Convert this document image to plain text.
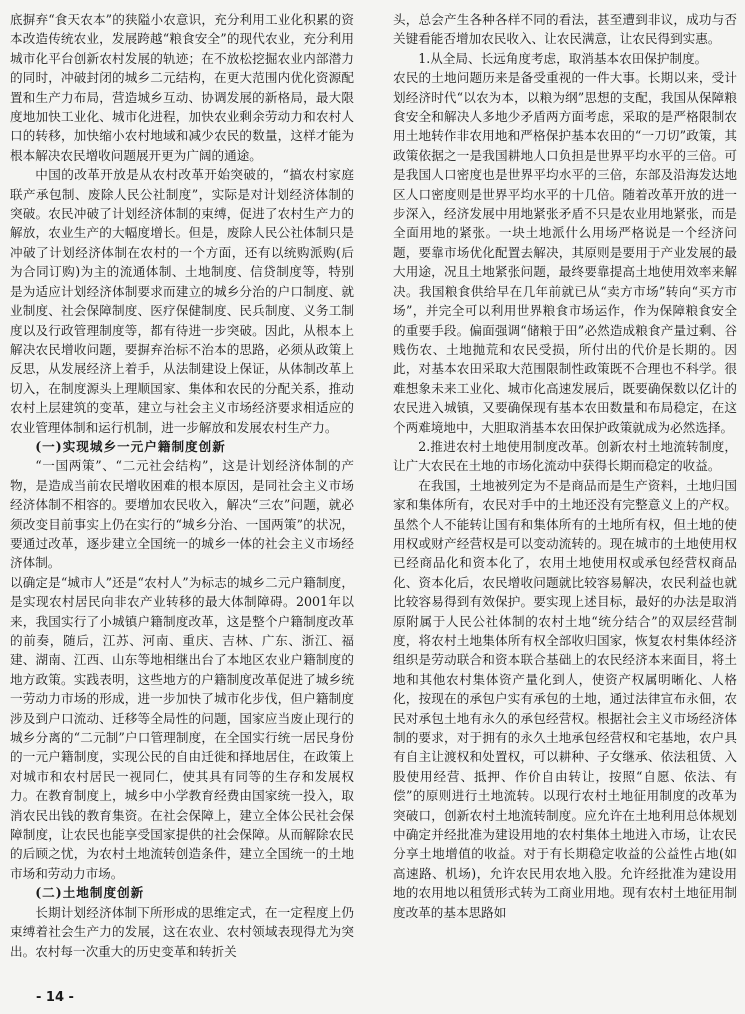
底摒弃“食天农本”的狭隘小农意识，充分利用工业化积累的资本改造传统农业，发展跨越“粮食安全”的现代农业，充分利用城市化平台创新农村发展的轨迹；在不放松挖掘农业内部潜力的同时，冲破封闭的城乡二元结构，在更大范围内优化资源配置和生产力布局，营造城乡互动、协调发展的新格局，最大限度地加快工业化、城市化进程，加快农业剩余劳动力和农村人口的转移，加快缩小农村地域和减少农民的数量，这样才能为根本解决农民增收问题展开更为广阔的通途。

中国的改革开放是从农村改革开始突破的，“搞农村家庭联产承包制、废除人民公社制度”，实际是对计划经济体制的突破。农民冲破了计划经济体制的束缚，促进了农村生产力的解放，农业生产的大幅度增长。但是，废除人民公社体制只是冲破了计划经济体制在农村的一个方面，还有以统购派购(后为合同订购)为主的流通体制、土地制度、信贷制度等，特别是为适应计划经济体制要求而建立的城乡分治的户口制度、就业制度、社会保障制度、医疗保健制度、民兵制度、义务工制度以及行政管理制度等，都有待进一步突破。因此，从根本上解决农民增收问题，要摒弃治标不治本的思路，必须从政策上反思，从发展经济上着手，从法制建设上保证，从体制改革上切入，在制度源头上理顺国家、集体和农民的分配关系，推动农村上层建筑的变革，建立与社会主义市场经济要求相适应的农业管理体制和运行机制，进一步解放和发展农村生产力。

(一)实现城乡一元户籍制度创新

“一国两策”、“二元社会结构”，这是计划经济体制的产物，是造成当前农民增收困难的根本原因，是同社会主义市场经济体制不相容的。要增加农民收入，解决“三农”问题，就必须改变目前事实上仍在实行的“城乡分治、一国两策”的状况，要通过改革，逐步建立全国统一的城乡一体的社会主义市场经济体制。

以确定是“城市人”还是“农村人”为标志的城乡二元户籍制度，是实现农村居民向非农产业转移的最大体制障碍。2001年以来，我国实行了小城镇户籍制度改革，这是整个户籍制度改革的前奏，随后，江苏、河南、重庆、吉林、广东、浙江、福建、湖南、江西、山东等地相继出台了本地区农业户籍制度的地方政策。实践表明，这些地方的户籍制度改革促进了城乡统一劳动力市场的形成，进一步加快了城市化步伐，但户籍制度涉及到户口流动、迁移等全局性的问题，国家应当废止现行的城乡分离的“二元制”户口管理制度，在全国实行统一居民身份的一元户籍制度，实现公民的自由迁徙和择地居住，在政策上对城市和农村居民一视同仁，使其具有同等的生存和发展权力。在教育制度上，城乡中小学教育经费由国家统一投入，取消农民出钱的教育集资。在社会保障上，建立全体公民社会保障制度，让农民也能享受国家提供的社会保障。从而解除农民的后顾之忧，为农村土地流转创造条件，建立全国统一的土地市场和劳动力市场。

(二)土地制度创新

长期计划经济体制下所形成的思维定式，在一定程度上仍束缚着社会生产力的发展，这在农业、农村领域表现得尤为突出。农村每一次重大的历史变革和转折关

头，总会产生各种各样不同的看法，甚至遭到非议，成功与否关键看能否增加农民收入、让农民满意，让农民得到实惠。

1.从全局、长远角度考虑，取消基本农田保护制度。

农民的土地问题历来是备受重视的一件大事。长期以来，受计划经济时代“以农为本，以粮为纲”思想的支配，我国从保障粮食安全和解决人多地少矛盾两方面考虑，采取的是严格限制农用土地转作非农用地和严格保护基本农田的“一刀切”政策，其政策依据之一是我国耕地人口负担是世界平均水平的三倍。可是我国人口密度也是世界平均水平的三倍，东部及沿海发达地区人口密度则是世界平均水平的十几倍。随着改革开放的进一步深入，经济发展中用地紧张矛盾不只是农业用地紧张，而是全面用地的紧张。一块土地派什么用场严格说是一个经济问题，要靠市场优化配置去解决，其原则是要用于产业发展的最大用途，况且土地紧张问题，最终要靠提高土地使用效率来解决。我国粮食供给早在几年前就已从“卖方市场”转向“买方市场”，并完全可以利用世界粮食市场运作，作为保障粮食安全的重要手段。偏面强调“储粮于田”必然造成粮食产量过剩、谷贱伤农、土地抛荒和农民受损，所付出的代价是长期的。因此，对基本农田采取大范围限制性政策既不合理也不科学。很难想象未来工业化、城市化高速发展后，既要确保数以亿计的农民进入城镇，又要确保现有基本农田数量和布局稳定，在这个两难境地中，大胆取消基本农田保护政策就成为必然选择。

2.推进农村土地使用制度改革。创新农村土地流转制度，让广大农民在土地的市场化流动中获得长期而稳定的收益。

在我国，土地被列定为不是商品而是生产资料，土地归国家和集体所有，农民对手中的土地还没有完整意义上的产权。虽然个人不能转让国有和集体所有的土地所有权，但土地的使用权或财产经营权是可以变动流转的。现在城市的土地使用权已经商品化和资本化了，农用土地使用权或承包经营权商品化、资本化后，农民增收问题就比较容易解决，农民利益也就比较容易得到有效保护。要实现上述目标，最好的办法是取消原附属于人民公社体制的农村土地“统分结合”的双层经营制度，将农村土地集体所有权全部收归国家，恢复农村集体经济组织是劳动联合和资本联合基础上的农民经济本来面目，将土地和其他农村集体资产量化到人，使资产权属明晰化、人格化，按现在的承包户实有承包的土地，通过法律宣布永佃，农民对承包土地有永久的承包经营权。根据社会主义市场经济体制的要求，对于拥有的永久土地承包经营权和宅基地，农户具有自主让渡权和处置权，可以耕种、子女继承、依法租赁、入股使用经营、抵押、作价自由转让，按照“自愿、依法、有偿”的原则进行土地流转。以现行农村土地征用制度的改革为突破口，创新农村土地流转制度。应允许在土地利用总体规划中确定并经批准为建设用地的农村集体土地进入市场，让农民分享土地增值的收益。对于有长期稳定收益的公益性占地(如高速路、机场)，允许农民用农地入股。允许经批准为建设用地的农用地以租赁形式转为工商业用地。现有农村土地征用制度改革的基本思路如

- 14 -
